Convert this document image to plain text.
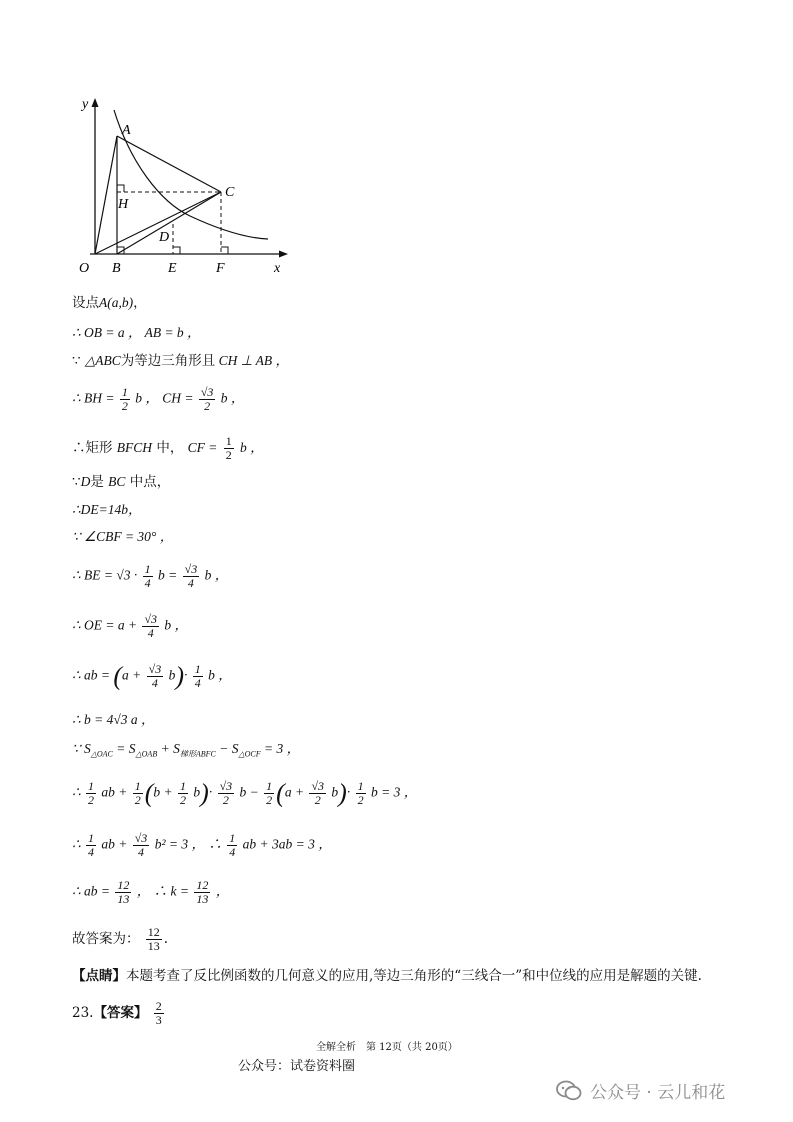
y
x
O
A
B
C
D
E	F
H
设点A(a,b)，
∴ OB = a ， AB = b ，
∵ △ABC为等边三角形且 CH ⊥ AB ，
∴ BH = $\frac{1}{2}$ b ， CH = $\frac{√3}{2}$ b ，
∴矩形 BFCH 中， CF = $\frac{1}{2}$ b ，
∵D是 BC 中点，
∴DE=14b，
∵ ∠CBF = 30° ，
∴ BE = $√3 \cdot \frac{1}{4}$ $b = \frac{√3}{4}$ b ，
∴ OE = $a + \frac{√3}{4}$ b ，
∴ ab = $(a + \frac{√3}{4} b)\cdot \frac{1}{4}$ b ，
∴ b = 4√3 a ，
∵ $S_{\triangle OAC} = S_{\triangle OAB} + S_{梯形ABFC} - S_{\triangle OCF} = 3$ ，
∴ $\frac{1}{2}$ ab + $\frac{1}{2} (b + \frac{1}{2} b)\cdot \frac{√3}{2}$ $b - \frac{1}{2} (a + \frac{√3}{2} b)\cdot \frac{1}{2}$ b = 3 ，
∴ $\frac{1}{4}$ ab + $\frac{√3}{4} b^2 = 3$ ， ∴ $\frac{1}{4}$ ab + 3ab = 3 ，
∴ ab = $\frac{12}{13}$ ， ∴ $k = \frac{12}{13}$ ，
故答案为： $\frac{12}{13}$ .
【点睛】本题考查了反比例函数的几何意义的应用,等边三角形的“三线合一”和中位线的应用是解题的关键.
23.【答案】 $\frac{2}{3}$
全解全析　第 12页（共 20页）
公众号：试卷资料圈
公众号 · 云儿和花
